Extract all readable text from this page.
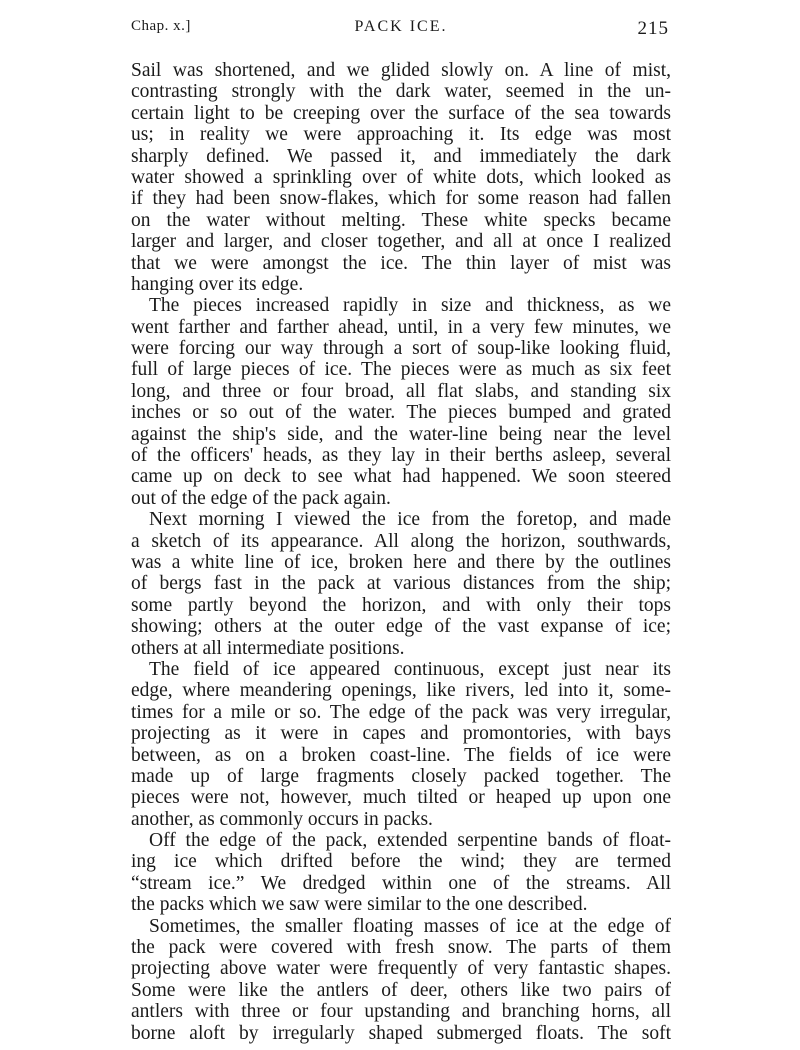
Chap. x.]	PACK ICE.	215
Sail was shortened, and we glided slowly on. A line of mist,
contrasting strongly with the dark water, seemed in the un-
certain light to be creeping over the surface of the sea towards
us; in reality we were approaching it. Its edge was most
sharply defined. We passed it, and immediately the dark
water showed a sprinkling over of white dots, which looked as
if they had been snow-flakes, which for some reason had fallen
on the water without melting. These white specks became
larger and larger, and closer together, and all at once I realized
that we were amongst the ice. The thin layer of mist was
hanging over its edge.
The pieces increased rapidly in size and thickness, as we
went farther and farther ahead, until, in a very few minutes, we
were forcing our way through a sort of soup-like looking fluid,
full of large pieces of ice. The pieces were as much as six feet
long, and three or four broad, all flat slabs, and standing six
inches or so out of the water. The pieces bumped and grated
against the ship's side, and the water-line being near the level
of the officers' heads, as they lay in their berths asleep, several
came up on deck to see what had happened. We soon steered
out of the edge of the pack again.
Next morning I viewed the ice from the foretop, and made
a sketch of its appearance. All along the horizon, southwards,
was a white line of ice, broken here and there by the outlines
of bergs fast in the pack at various distances from the ship;
some partly beyond the horizon, and with only their tops
showing; others at the outer edge of the vast expanse of ice;
others at all intermediate positions.
The field of ice appeared continuous, except just near its
edge, where meandering openings, like rivers, led into it, some-
times for a mile or so. The edge of the pack was very irregular,
projecting as it were in capes and promontories, with bays
between, as on a broken coast-line. The fields of ice were
made up of large fragments closely packed together. The
pieces were not, however, much tilted or heaped up upon one
another, as commonly occurs in packs.
Off the edge of the pack, extended serpentine bands of float-
ing ice which drifted before the wind; they are termed
“stream ice.” We dredged within one of the streams. All
the packs which we saw were similar to the one described.
Sometimes, the smaller floating masses of ice at the edge of
the pack were covered with fresh snow. The parts of them
projecting above water were frequently of very fantastic shapes.
Some were like the antlers of deer, others like two pairs of
antlers with three or four upstanding and branching horns, all
borne aloft by irregularly shaped submerged floats. The soft
